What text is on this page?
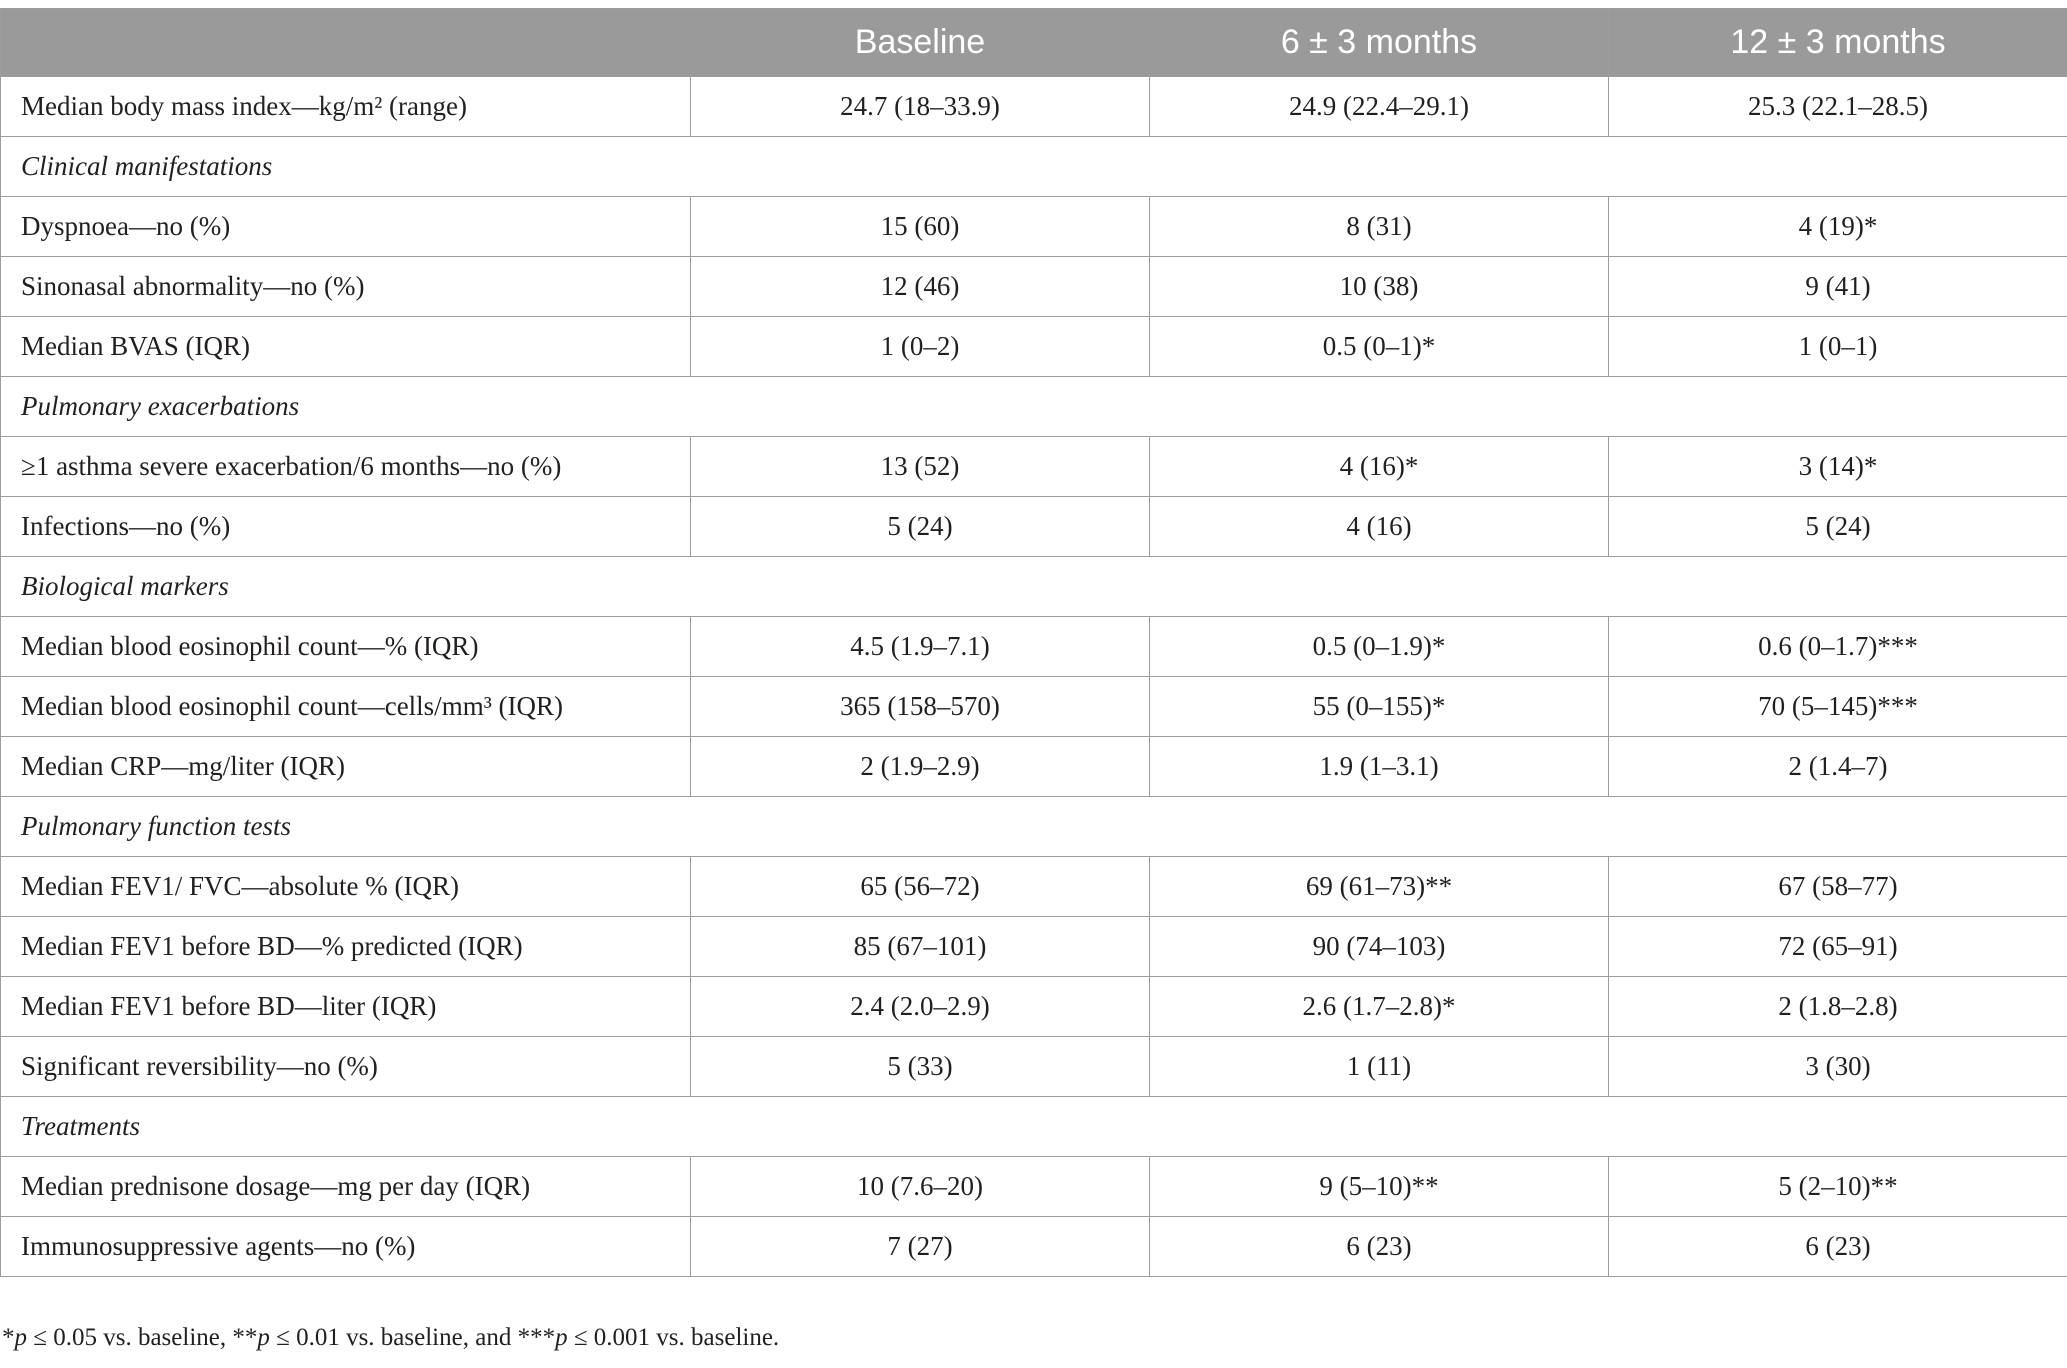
	Baseline	6 ± 3 months	12 ± 3 months
Median body mass index—kg/m² (range)	24.7 (18–33.9)	24.9 (22.4–29.1)	25.3 (22.1–28.5)
Clinical manifestations			
Dyspnoea—no (%)	15 (60)	8 (31)	4 (19)*
Sinonasal abnormality—no (%)	12 (46)	10 (38)	9 (41)
Median BVAS (IQR)	1 (0–2)	0.5 (0–1)*	1 (0–1)
Pulmonary exacerbations			
≥1 asthma severe exacerbation/6 months—no (%)	13 (52)	4 (16)*	3 (14)*
Infections—no (%)	5 (24)	4 (16)	5 (24)
Biological markers			
Median blood eosinophil count—% (IQR)	4.5 (1.9–7.1)	0.5 (0–1.9)*	0.6 (0–1.7)***
Median blood eosinophil count—cells/mm³ (IQR)	365 (158–570)	55 (0–155)*	70 (5–145)***
Median CRP—mg/liter (IQR)	2 (1.9–2.9)	1.9 (1–3.1)	2 (1.4–7)
Pulmonary function tests			
Median FEV1/ FVC—absolute % (IQR)	65 (56–72)	69 (61–73)**	67 (58–77)
Median FEV1 before BD—% predicted (IQR)	85 (67–101)	90 (74–103)	72 (65–91)
Median FEV1 before BD—liter (IQR)	2.4 (2.0–2.9)	2.6 (1.7–2.8)*	2 (1.8–2.8)
Significant reversibility—no (%)	5 (33)	1 (11)	3 (30)
Treatments			
Median prednisone dosage—mg per day (IQR)	10 (7.6–20)	9 (5–10)**	5 (2–10)**
Immunosuppressive agents—no (%)	7 (27)	6 (23)	6 (23)
*p ≤ 0.05 vs. baseline, **p ≤ 0.01 vs. baseline, and ***p ≤ 0.001 vs. baseline.
